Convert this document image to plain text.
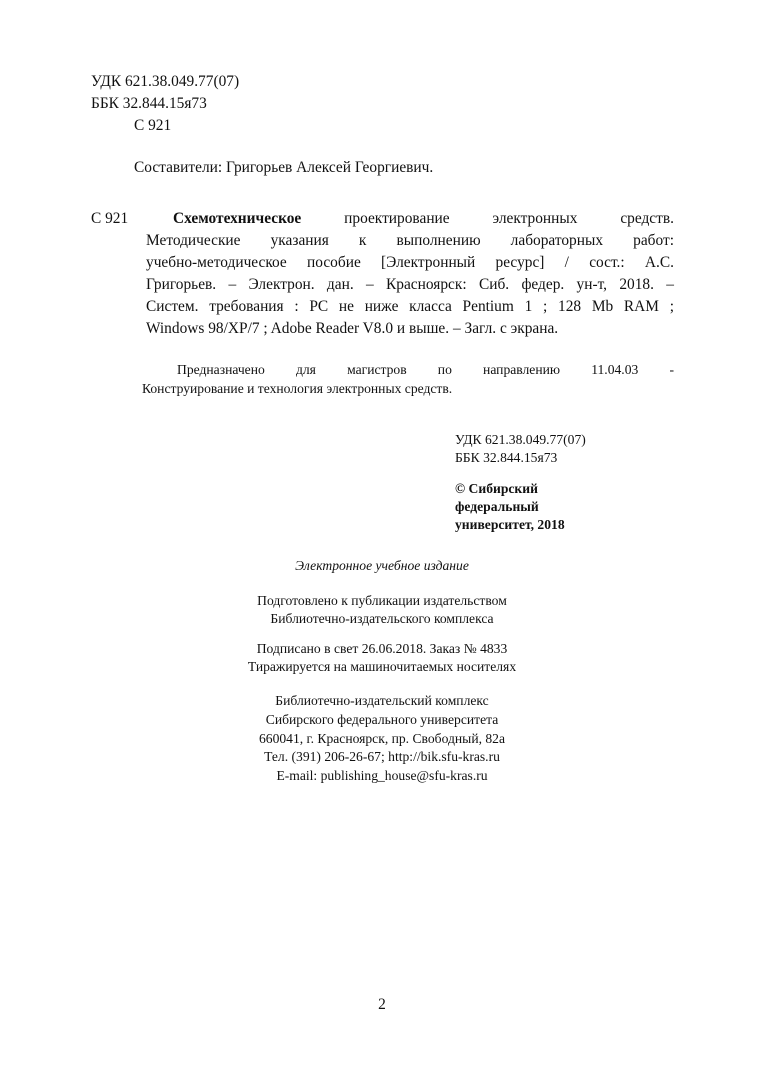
УДК 621.38.049.77(07)
ББК 32.844.15я73
С 921
Составители: Григорьев Алексей Георгиевич.
С 921	Схемотехническое	проектирование электронных средств.
Методические указания к выполнению лабораторных работ:
учебно-методическое пособие [Электронный ресурс] / сост.: А.С.
Григорьев. – Электрон. дан. – Красноярск: Сиб. федер. ун-т, 2018. –
Систем. требования : PC не ниже класса Pentium 1 ; 128 Mb RAM ;
Windows 98/XP/7 ; Adobe Reader V8.0 и выше. – Загл. с экрана.
Предназначено для магистров по направлению 11.04.03 -
Конструирование и технология электронных средств.
УДК 621.38.049.77(07)
ББК 32.844.15я73
© Сибирский
федеральный
университет, 2018
Электронное учебное издание
Подготовлено к публикации издательством
Библиотечно-издательского комплекса
Подписано в свет 26.06.2018. Заказ № 4833
Тиражируется на машиночитаемых носителях
Библиотечно-издательский комплекс
Сибирского федерального университета
660041, г. Красноярск, пр. Свободный, 82а
Тел. (391) 206-26-67; http://bik.sfu-kras.ru
E-mail: publishing_house@sfu-kras.ru
2
